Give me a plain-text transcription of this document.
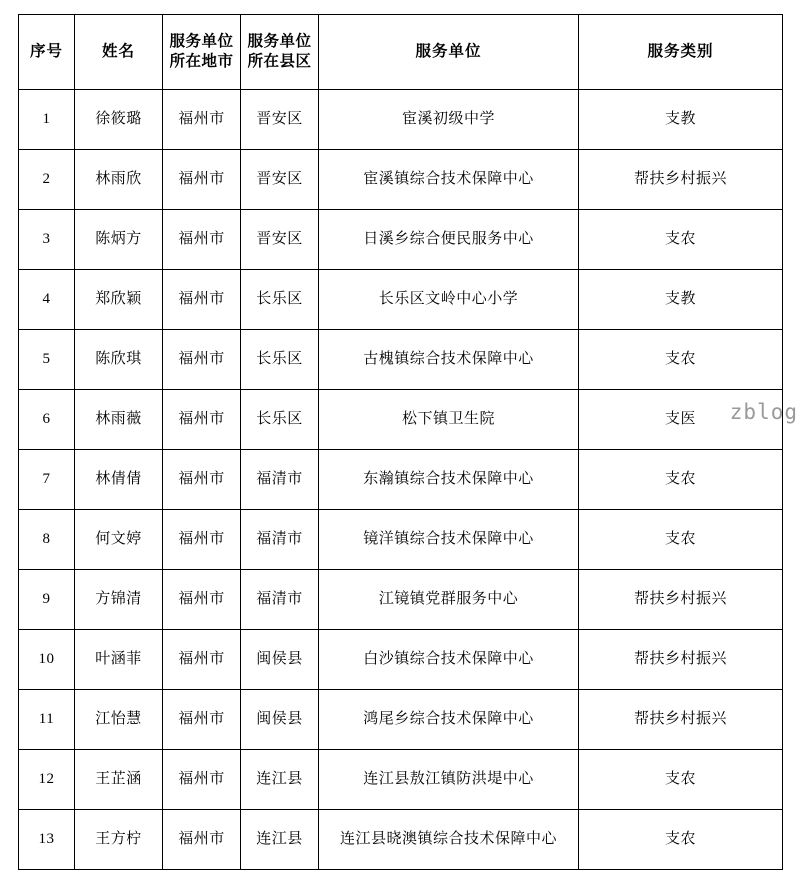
序号	姓名	服务单位所在地市	服务单位所在县区	服务单位	服务类别
1	徐筱璐	福州市	晋安区	宦溪初级中学	支教
2	林雨欣	福州市	晋安区	宦溪镇综合技术保障中心	帮扶乡村振兴
3	陈炳方	福州市	晋安区	日溪乡综合便民服务中心	支农
4	郑欣颖	福州市	长乐区	长乐区文岭中心小学	支教
5	陈欣琪	福州市	长乐区	古槐镇综合技术保障中心	支农
6	林雨薇	福州市	长乐区	松下镇卫生院	支医
7	林倩倩	福州市	福清市	东瀚镇综合技术保障中心	支农
8	何文婷	福州市	福清市	镜洋镇综合技术保障中心	支农
9	方锦清	福州市	福清市	江镜镇党群服务中心	帮扶乡村振兴
10	叶涵菲	福州市	闽侯县	白沙镇综合技术保障中心	帮扶乡村振兴
11	江怡慧	福州市	闽侯县	鸿尾乡综合技术保障中心	帮扶乡村振兴
12	王芷涵	福州市	连江县	连江县敖江镇防洪堤中心	支农
13	王方柠	福州市	连江县	连江县晓澳镇综合技术保障中心	支农
zblog
